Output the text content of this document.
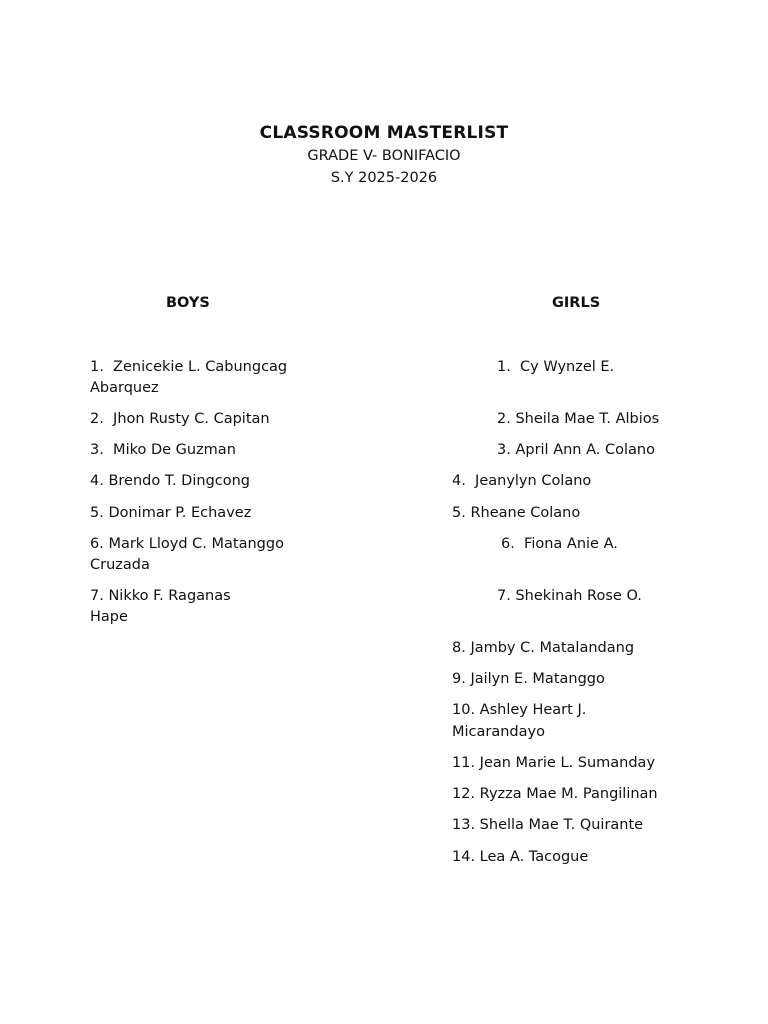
CLASSROOM MASTERLIST
GRADE V- BONIFACIO
S.Y 2025-2026
BOYS	GIRLS
1.  Zenicekie L. Cabungcag
Abarquez
2.  Jhon Rusty C. Capitan
3.  Miko De Guzman
4. Brendo T. Dingcong
5. Donimar P. Echavez
6. Mark Lloyd C. Matanggo
Cruzada
7. Nikko F. Raganas
Hape
1.  Cy Wynzel E.
2. Sheila Mae T. Albios
3. April Ann A. Colano
4.  Jeanylyn Colano
5. Rheane Colano
6.  Fiona Anie A.
7. Shekinah Rose O.
8. Jamby C. Matalandang
9. Jailyn E. Matanggo
10. Ashley Heart J.
Micarandayo
11. Jean Marie L. Sumanday
12. Ryzza Mae M. Pangilinan
13. Shella Mae T. Quirante
14. Lea A. Tacogue
